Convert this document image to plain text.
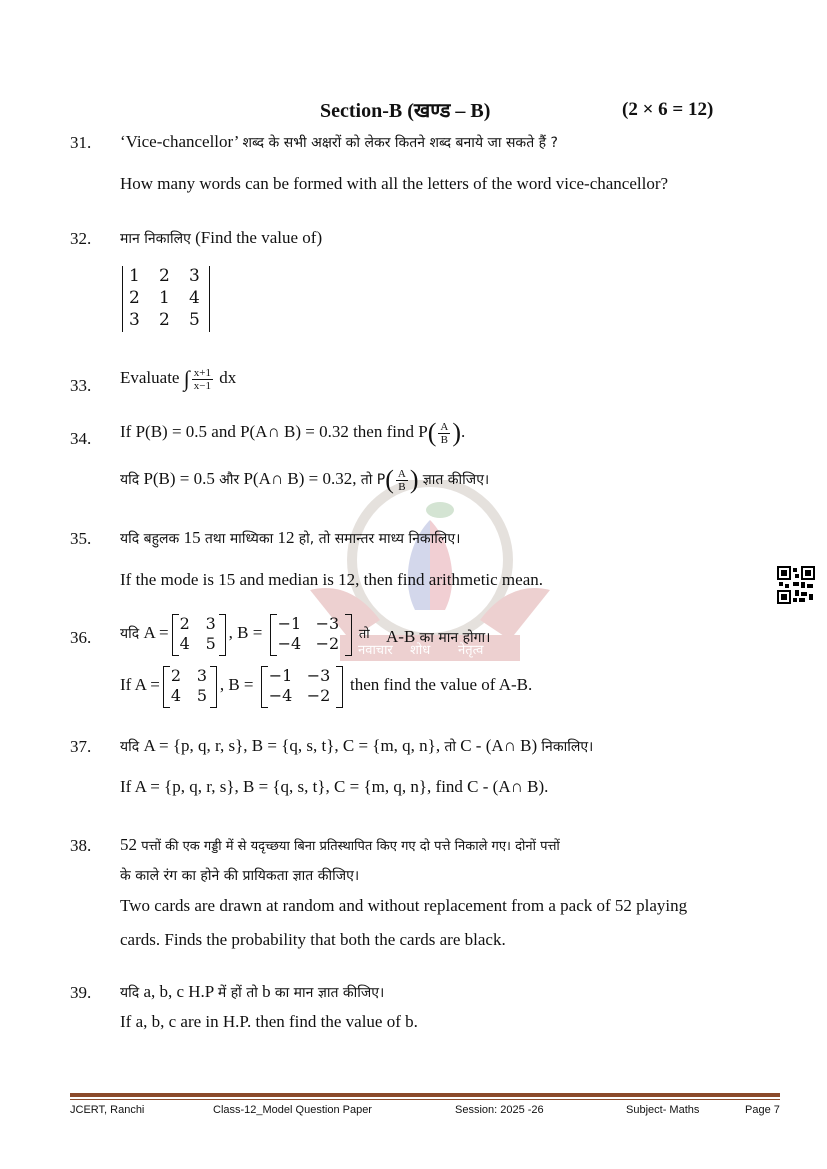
नवाचार शोध नेतृत्व
Section-B (खण्ड – B)	(2 × 6 = 12)
31. ‘Vice-chancellor’ शब्द के सभी अक्षरों को लेकर कितने शब्द बनाये जा सकते हैं ?
How many words can be formed with all the letters of the word vice-chancellor?
32. मान निकालिए (Find the value of)
1 2 3
2 1 4
3 2 5
33. Evaluate ∫ $\frac{x+1}{x-1}$ dx
34. If P(B) = 0.5 and P(A∩ B) = 0.32 then find $P( \frac{A}{B}$ ).
यदि P(B) = 0.5 और P(A∩ B) = 0.32, तो $P( \frac{A}{B}$ ) ज्ञात कीजिए।
35. यदि बहुलक 15 तथा माध्यिका 12 हो, तो समान्तर माध्य निकालिए।
If the mode is 15 and median is 12, then find arithmetic mean.
36. यदि A = 2 3
4 5
, B = −1 −3
−4 −2 तो A-B का मान होगा।
If A = 2 3
4 5
, B = −1 −3
−4 −2
then find the value of A-B.
37. यदि A = {p, q, r, s}, B = {q, s, t}, C = {m, q, n}, तो C - (A∩ B) निकालिए।
If A = {p, q, r, s}, B = {q, s, t}, C = {m, q, n}, find C - (A∩ B).
38. 52 पत्तों की एक गड्डी में से यदृच्छया बिना प्रतिस्थापित किए गए दो पत्ते निकाले गए। दोनों पत्तों
के काले रंग का होने की प्रायिकता ज्ञात कीजिए।
Two cards are drawn at random and without replacement from a pack of 52 playing
cards. Finds the probability that both the cards are black.
39. यदि a, b, c H.P में हों तो b का मान ज्ञात कीजिए।
If a, b, c are in H.P. then find the value of b.
JCERT, Ranchi	Class-12_Model Question Paper	Session: 2025 -26	Subject- Maths	Page 7
